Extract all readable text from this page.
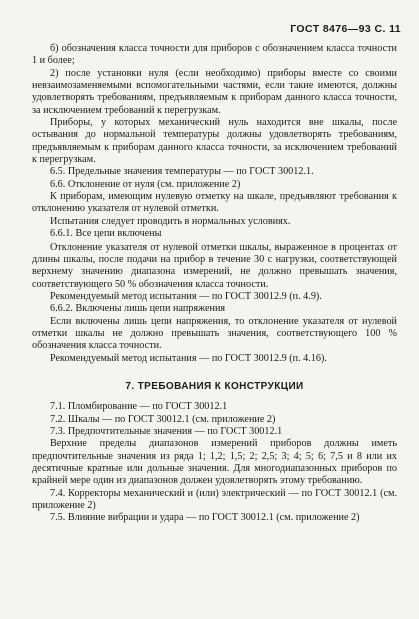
ГОСТ 8476—93 С. 11

б) обозначения класса точности для приборов с обозначением класса точности 1 и более;

2) после установки нуля (если необходимо) приборы вместе со своими невзаимозаменяемыми вспомогательными частями, если такие имеются, должны удовлетворять требованиям, предъявляемым к приборам данного класса точности, за исключением требований к перегрузкам.

Приборы, у которых механический нуль находится вне шкалы, после остывания до нормальной температуры должны удовлетворять требованиям, предъявляемым к приборам данного класса точности, за исключением требований к перегрузкам.

6.5. Предельные значения температуры — по ГОСТ 30012.1.

6.6. Отклонение от нуля (см. приложение 2)

К приборам, имеющим нулевую отметку на шкале, предъявляют требования к отклонению указателя от нулевой отметки.

Испытания следует проводить в нормальных условиях.

6.6.1. Все цепи включены

Отклонение указателя от нулевой отметки шкалы, выраженное в процентах от длины шкалы, после подачи на прибор в течение 30 с нагрузки, соответствующей верхнему значению диапазона измерений, не должно превышать значения, соответствующего 50 % обозначения класса точности.

Рекомендуемый метод испытания — по ГОСТ 30012.9 (п. 4.9).

6.6.2. Включены лишь цепи напряжения

Если включены лишь цепи напряжения, то отклонение указателя от нулевой отметки шкалы не должно превышать значения, соответствующего 100 % обозначения класса точности.

Рекомендуемый метод испытания — по ГОСТ 30012.9 (п. 4.16).

7. ТРЕБОВАНИЯ К КОНСТРУКЦИИ

7.1. Пломбирование — по ГОСТ 30012.1

7.2. Шкалы — по ГОСТ 30012.1 (см. приложение 2)

7.3. Предпочтительные значения — по ГОСТ 30012.1

Верхние пределы диапазонов измерений приборов должны иметь предпочтительные значения из ряда 1; 1,2; 1,5; 2; 2,5; 3; 4; 5; 6; 7,5 и 8 или их десятичные кратные или дольные значения. Для многодиапазонных приборов по крайней мере один из диапазонов должен удовлетворять этому требованию.

7.4. Корректоры механический и (или) электрический — по ГОСТ 30012.1 (см. приложение 2)

7.5. Влияние вибрации и удара — по ГОСТ 30012.1 (см. приложение 2)
